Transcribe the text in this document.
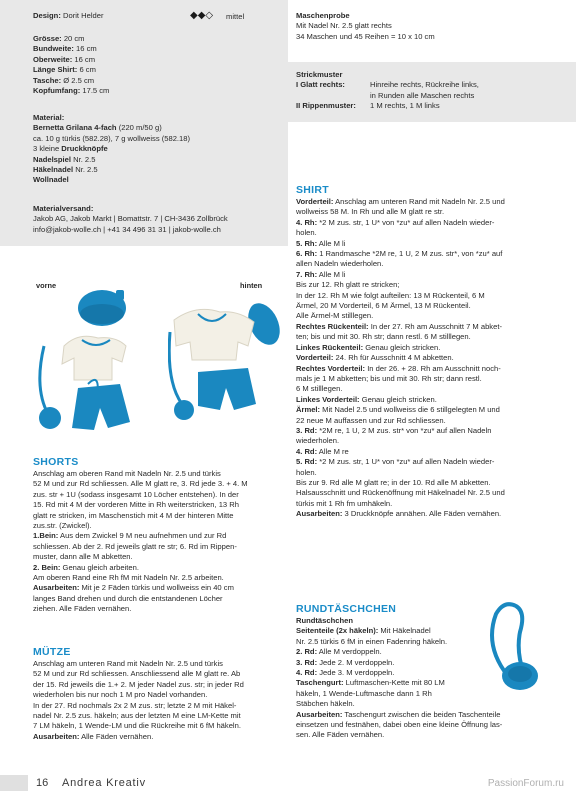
Design: Dorit Helder	◆◆◇ mittel
Grösse: 20 cm
Bundweite: 16 cm
Oberweite: 16 cm
Länge Shirt: 6 cm
Tasche: Ø 2.5 cm
Kopfumfang: 17.5 cm
Material:
Bernetta Grilana 4-fach (220 m/50 g)
ca. 10 g türkis (582.28), 7 g wollweiss (582.18)
3 kleine Druckknöpfe
Nadelspiel Nr. 2.5
Häkelnadel Nr. 2.5
Wollnadel
Materialversand:
Jakob AG, Jakob Markt | Bomattstr. 7 | CH-3436 Zollbrück
info@jakob-wolle.ch | +41 34 496 31 31 | jakob-wolle.ch
Maschenprobe
Mit Nadel Nr. 2.5 glatt rechts
34 Maschen und 45 Reihen = 10 x 10 cm
Strickmuster
I Glatt rechts:	Hinreihe rechts, Rückreihe links,
in Runden alle Maschen rechts
II Rippenmuster:	1 M rechts, 1 M links
vorne	hinten
SHORTS
Anschlag am oberen Rand mit Nadeln Nr. 2.5 und türkis
52 M und zur Rd schliessen. Alle M glatt re, 3. Rd jede 3. + 4. M
zus. str + 1U (sodass insgesamt 10 Löcher entstehen). In der
15. Rd mit 4 M der vorderen Mitte in Rh weiterstricken, 13 Rh
glatt re stricken, im Maschenstich mit 4 M der hinteren Mitte
zus.str. (Zwickel).
1.Bein: Aus dem Zwickel 9 M neu aufnehmen und zur Rd
schliessen. Ab der 2. Rd jeweils glatt re str; 6. Rd im Rippen-
muster, dann alle M abketten.
2. Bein: Genau gleich arbeiten.
Am oberen Rand eine Rh fM mit Nadeln Nr. 2.5 arbeiten.
Ausarbeiten: Mit je 2 Fäden türkis und wollweiss ein 40 cm
langes Band drehen und durch die entstandenen Löcher
ziehen. Alle Fäden vernähen.
MÜTZE
Anschlag am unteren Rand mit Nadeln Nr. 2.5 und türkis
52 M und zur Rd schliessen. Anschliessend alle M glatt re. Ab
der 15. Rd jeweils die 1.+ 2. M jeder Nadel zus. str; in jeder Rd
wiederholen bis nur noch 1 M pro Nadel vorhanden.
In der 27. Rd nochmals 2x 2 M zus. str; letzte 2 M mit Häkel-
nadel Nr. 2.5 zus. häkeln; aus der letzten M eine LM-Kette mit
7 LM häkeln, 1 Wende-LM und die Rückreihe mit 6 fM häkeln.
Ausarbeiten: Alle Fäden vernähen.
SHIRT
Vorderteil: Anschlag am unteren Rand mit Nadeln Nr. 2.5 und
wollweiss 58 M. In Rh und alle M glatt re str.
4. Rh: *2 M zus. str, 1 U* von *zu* auf allen Nadeln wieder-
holen.
5. Rh: Alle M li
6. Rh: 1 Randmasche *2M re, 1 U, 2 M zus. str*, von *zu* auf
allen Nadeln wiederholen.
7. Rh: Alle M li
Bis zur 12. Rh glatt re stricken;
In der 12. Rh M wie folgt aufteilen: 13 M Rückenteil, 6 M
Ärmel, 20 M Vorderteil, 6 M Ärmel, 13 M Rückenteil.
Alle Ärmel-M stilllegen.
Rechtes Rückenteil: In der 27. Rh am Ausschnitt 7 M abket-
ten; bis und mit 30. Rh str; dann restl. 6 M stilllegen.
Linkes Rückenteil: Genau gleich stricken.
Vorderteil: 24. Rh für Ausschnitt 4 M abketten.
Rechtes Vorderteil: In der 26. + 28. Rh am Ausschnitt noch-
mals je 1 M abketten; bis und mit 30. Rh str; dann restl.
6 M stilllegen.
Linkes Vorderteil: Genau gleich stricken.
Ärmel: Mit Nadel 2.5 und wollweiss die 6 stillgelegten M und
22 neue M auffassen und zur Rd schliessen.
3. Rd: *2M re, 1 U, 2 M zus. str* von *zu* auf allen Nadeln
wiederholen.
4. Rd: Alle M re
5. Rd: *2 M zus. str, 1 U* von *zu* auf allen Nadeln wieder-
holen.
Bis zur 9. Rd alle M glatt re; in der 10. Rd alle M abketten.
Halsausschnitt und Rückenöffnung mit Häkelnadel Nr. 2.5 und
türkis mit 1 Rh fm umhäkeln.
Ausarbeiten: 3 Druckknöpfe annähen. Alle Fäden vernähen.
RUNDTÄSCHCHEN
Rundtäschchen
Seitenteile (2x häkeln): Mit Häkelnadel
Nr. 2.5 türkis 6 fM in einen Fadenring häkeln.
2. Rd: Alle M verdoppeln.
3. Rd: Jede 2. M verdoppeln.
4. Rd: Jede 3. M verdoppeln.
Taschengurt: Luftmaschen-Kette mit 80 LM
häkeln, 1 Wende-Luftmasche dann 1 Rh
Stäbchen häkeln.
Ausarbeiten: Taschengurt zwischen die beiden Taschenteile
einsetzen und festnähen, dabei oben eine kleine Öffnung las-
sen. Alle Fäden vernähen.
16 Andrea Kreativ	PassionForum.ru
